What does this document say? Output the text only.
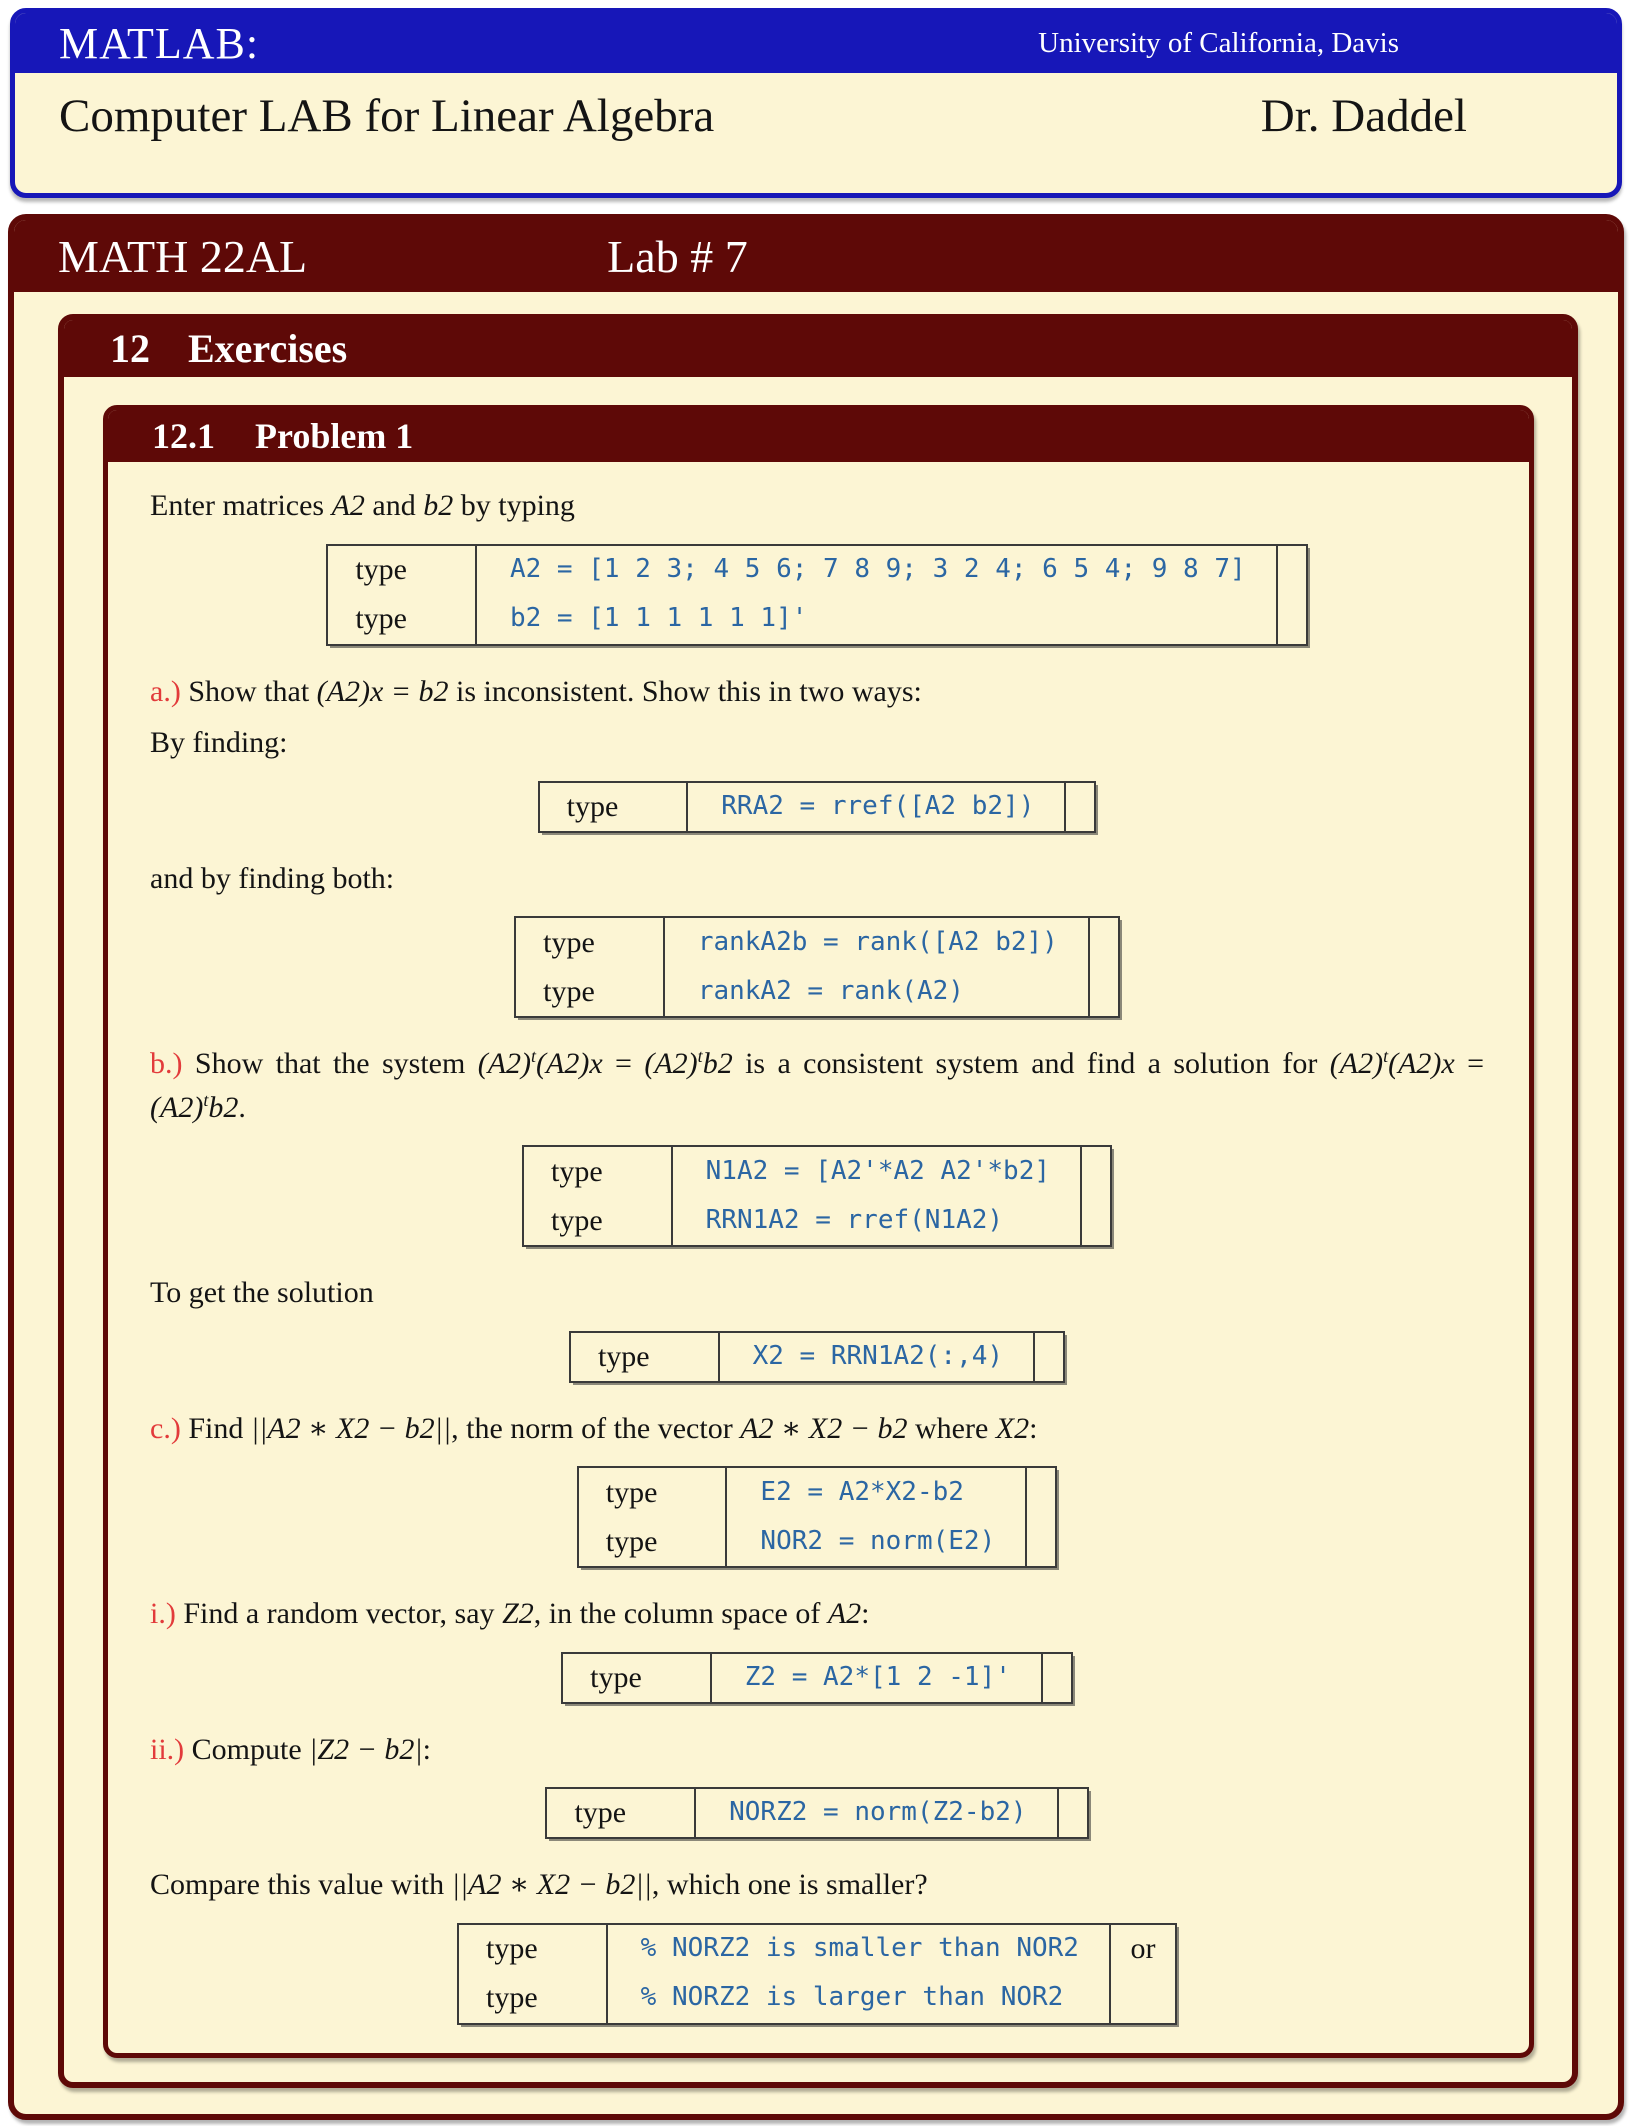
MATLAB:	University of California, Davis
Computer LAB for Linear Algebra	Dr. Daddel
MATH 22AL	Lab # 7
12 Exercises
12.1 Problem 1

Enter matrices A2 and b2 by typing

type	A2 = [1 2 3; 4 5 6; 7 8 9; 3 2 4; 6 5 4; 9 8 7]	
type	b2 = [1 1 1 1 1 1]'	

a.) Show that (A2)x = b2 is inconsistent. Show this in two ways:

By finding:

type	RRA2 = rref([A2 b2])	

and by finding both:

type	rankA2b = rank([A2 b2])	
type	rankA2 = rank(A2)	

b.) Show that the system $(A2)^t(A2)x = (A2)^tb2$ is a consistent system and find a solution for $(A2)^t(A2)x = (A2)^tb2$.

type	N1A2 = [A2'*A2 A2'*b2]	
type	RRN1A2 = rref(N1A2)	

To get the solution

type	X2 = RRN1A2(:,4)	

c.) Find ||A2 ∗ X2 − b2||, the norm of the vector A2 ∗ X2 − b2 where X2:

type	E2 = A2*X2-b2	
type	NOR2 = norm(E2)	

i.) Find a random vector, say Z2, in the column space of A2:

type	Z2 = A2*[1 2 -1]'	

ii.) Compute |Z2 − b2|:

type	NORZ2 = norm(Z2-b2)	

Compare this value with ||A2 ∗ X2 − b2||, which one is smaller?

type	% NORZ2 is smaller than NOR2	or
type	% NORZ2 is larger than NOR2	
